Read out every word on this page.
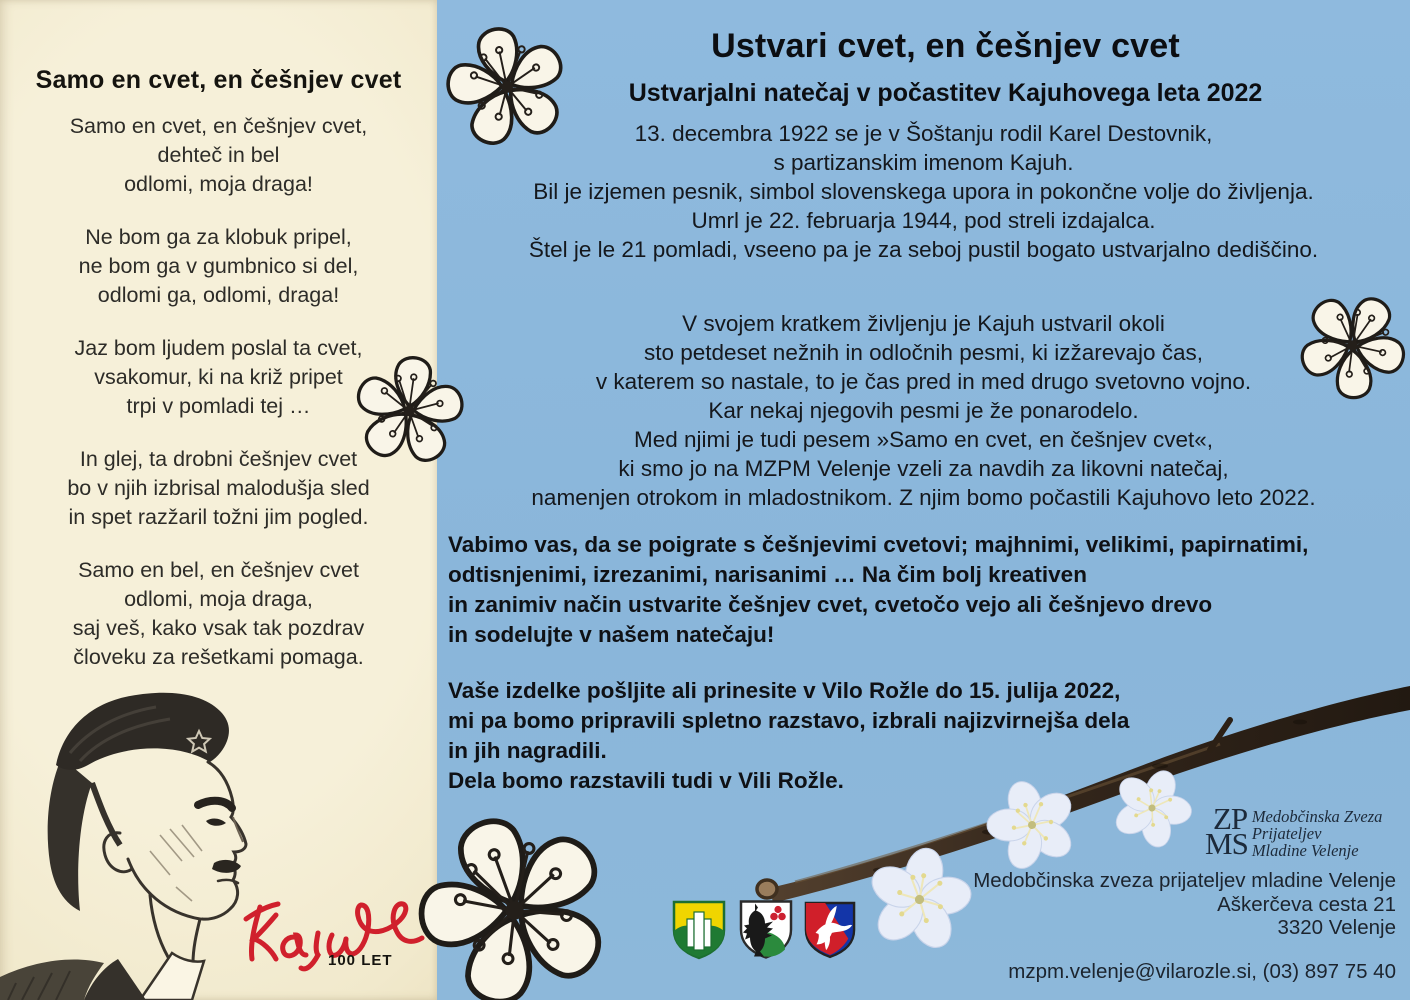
Samo en cvet, en češnjev cvet
Samo en cvet, en češnjev cvet,
dehteč in bel
odlomi, moja draga!
Ne bom ga za klobuk pripel,
ne bom ga v gumbnico si del,
odlomi ga, odlomi, draga!
Jaz bom ljudem poslal ta cvet,
vsakomur, ki na križ pripet
trpi v pomladi tej …
In glej, ta drobni češnjev cvet
bo v njih izbrisal malodušja sled
in spet razžaril tožni jim pogled.
Samo en bel, en češnjev cvet
odlomi, moja draga,
saj veš, kako vsak tak pozdrav
človeku za rešetkami pomaga.
Ustvari cvet, en češnjev cvet
Ustvarjalni natečaj v počastitev Kajuhovega leta 2022
13. decembra 1922 se je v Šoštanju rodil Karel Destovnik,
s partizanskim imenom Kajuh.
Bil je izjemen pesnik, simbol slovenskega upora in pokončne volje do življenja.
Umrl je 22. februarja 1944, pod streli izdajalca.
Štel je le 21 pomladi, vseeno pa je za seboj pustil bogato ustvarjalno dediščino.
V svojem kratkem življenju je Kajuh ustvaril okoli
sto petdeset nežnih in odločnih pesmi, ki izžarevajo čas,
v katerem so nastale, to je čas pred in med drugo svetovno vojno.
Kar nekaj njegovih pesmi je že ponarodelo.
Med njimi je tudi pesem »Samo en cvet, en češnjev cvet«,
ki smo jo na MZPM Velenje vzeli za navdih za likovni natečaj,
namenjen otrokom in mladostnikom. Z njim bomo počastili Kajuhovo leto 2022.
Vabimo vas, da se poigrate s češnjevimi cvetovi; majhnimi, velikimi, papirnatimi,
odtisnjenimi, izrezanimi, narisanimi … Na čim bolj kreativen
in zanimiv način ustvarite češnjev cvet, cvetočo vejo ali češnjevo drevo
in sodelujte v našem natečaju!
Vaše izdelke pošljite ali prinesite v Vilo Rožle do 15. julija 2022,
mi pa bomo pripravili spletno razstavo, izbrali najizvirnejša dela
in jih nagradili.
Dela bomo razstavili tudi v Vili Rožle.
100 LET
ZP
MS
Medobčinska Zveza
Prijateljev
Mladine Velenje
Medobčinska zveza prijateljev mladine Velenje
Aškerčeva cesta 21
3320 Velenje
mzpm.velenje@vilarozle.si, (03) 897 75 40
